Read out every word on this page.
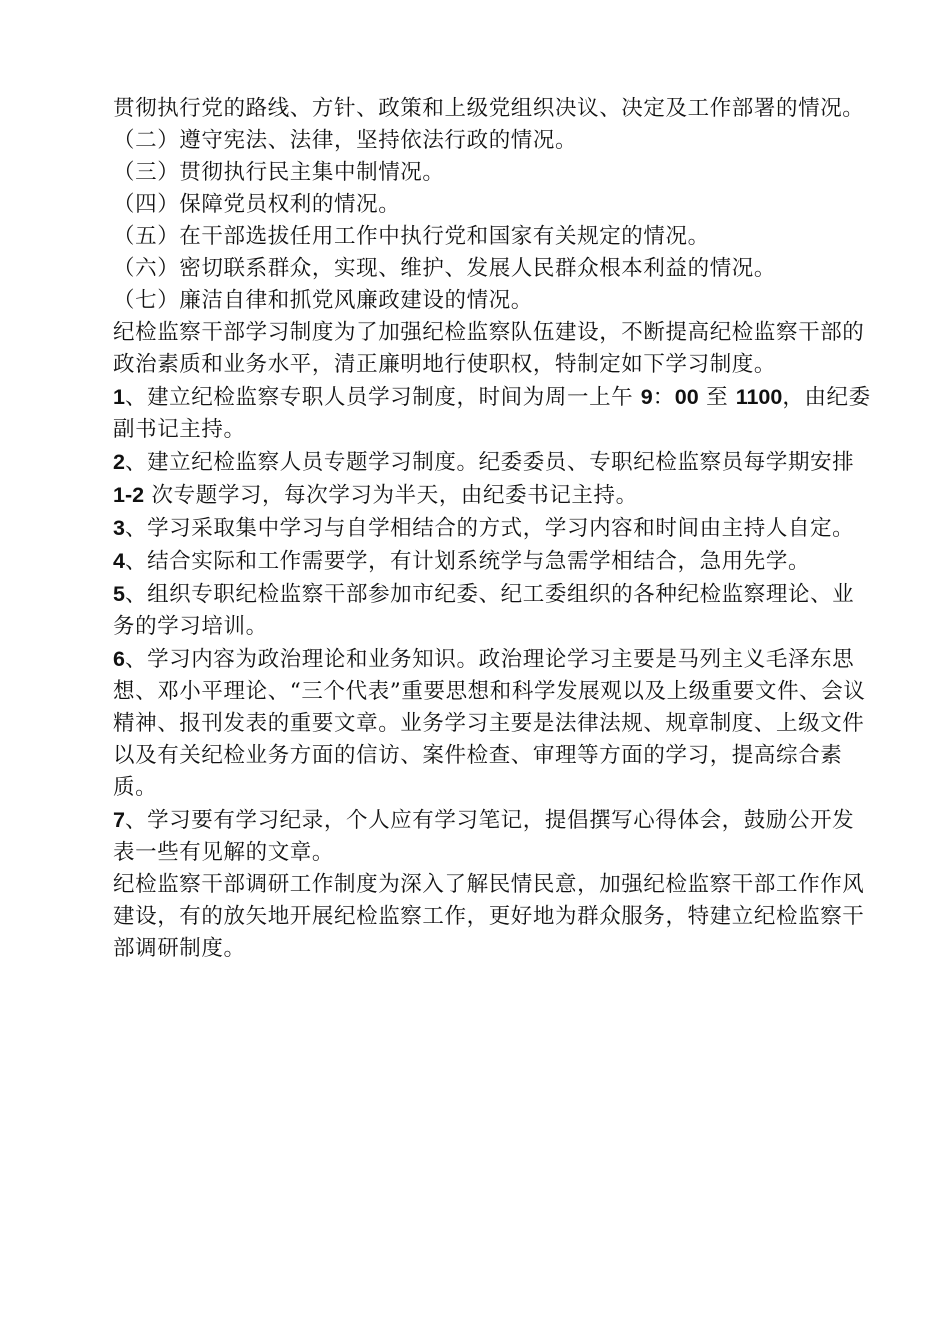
贯彻执行党的路线、方针、政策和上级党组织决议、决定及工作部署的情况。

（二）遵守宪法、法律，坚持依法行政的情况。

（三）贯彻执行民主集中制情况。

（四）保障党员权利的情况。

（五）在干部选拔任用工作中执行党和国家有关规定的情况。

（六）密切联系群众，实现、维护、发展人民群众根本利益的情况。

（七）廉洁自律和抓党风廉政建设的情况。

纪检监察干部学习制度为了加强纪检监察队伍建设，不断提高纪检监察干部的政治素质和业务水平，清正廉明地行使职权，特制定如下学习制度。

1、建立纪检监察专职人员学习制度，时间为周一上午 9：00 至 1100，由纪委副书记主持。

2、建立纪检监察人员专题学习制度。纪委委员、专职纪检监察员每学期安排 1-2 次专题学习，每次学习为半天，由纪委书记主持。

3、学习采取集中学习与自学相结合的方式，学习内容和时间由主持人自定。

4、结合实际和工作需要学，有计划系统学与急需学相结合，急用先学。

5、组织专职纪检监察干部参加市纪委、纪工委组织的各种纪检监察理论、业务的学习培训。

6、学习内容为政治理论和业务知识。政治理论学习主要是马列主义毛泽东思想、邓小平理论、“三个代表”重要思想和科学发展观以及上级重要文件、会议精神、报刊发表的重要文章。业务学习主要是法律法规、规章制度、上级文件以及有关纪检业务方面的信访、案件检查、审理等方面的学习，提高综合素质。

7、学习要有学习纪录，个人应有学习笔记，提倡撰写心得体会，鼓励公开发表一些有见解的文章。

纪检监察干部调研工作制度为深入了解民情民意，加强纪检监察干部工作作风建设，有的放矢地开展纪检监察工作，更好地为群众服务，特建立纪检监察干部调研制度。
